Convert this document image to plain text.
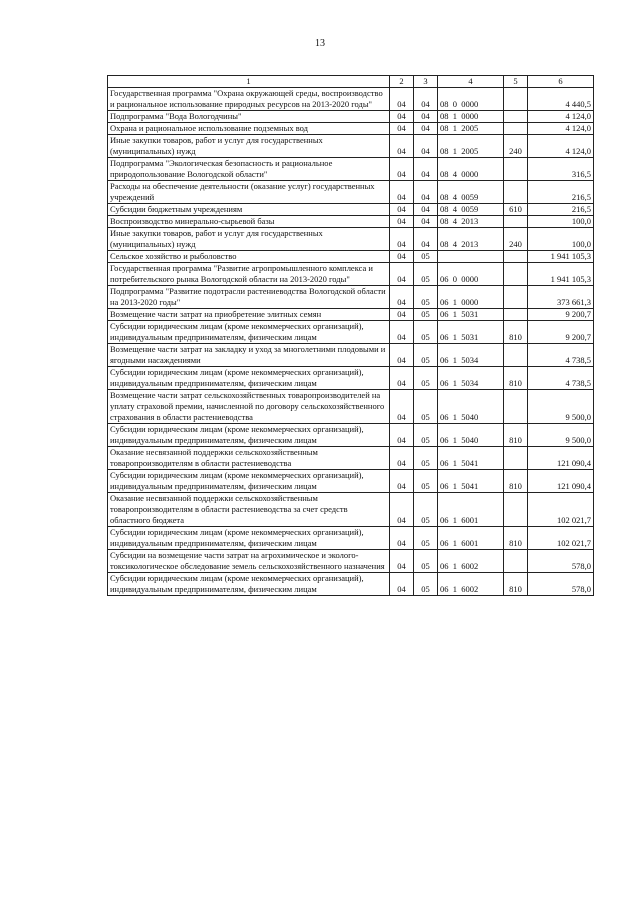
13
1	2	3	4	5	6
Государственная программа "Охрана окружающей среды, воспроизводство и рациональное использование природных ресурсов на 2013-2020 годы"	04	04	08  0  0000		4 440,5
Подпрограмма "Вода Вологодчины"	04	04	08  1  0000		4 124,0
Охрана и рациональное использование подземных вод	04	04	08  1  2005		4 124,0
Иные закупки товаров, работ и услуг для государственных (муниципальных) нужд	04	04	08  1  2005	240	4 124,0
Подпрограмма "Экологическая безопасность и рациональное природопользование Вологодской области"	04	04	08  4  0000		316,5
Расходы на обеспечение деятельности (оказание услуг) государственных учреждений	04	04	08  4  0059		216,5
Субсидии бюджетным учреждениям	04	04	08  4  0059	610	216,5
Воспроизводство минерально-сырьевой базы	04	04	08  4  2013		100,0
Иные закупки товаров, работ и услуг для государственных (муниципальных) нужд	04	04	08  4  2013	240	100,0
Сельское хозяйство и рыболовство	04	05			1 941 105,3
Государственная программа "Развитие агропромышленного комплекса и потребительского рынка Вологодской области на 2013-2020 годы"	04	05	06  0  0000		1 941 105,3
Подпрограмма "Развитие подотрасли растениеводства Вологодской области на 2013-2020 годы"	04	05	06  1  0000		373 661,3
Возмещение части затрат на приобретение элитных семян	04	05	06  1  5031		9 200,7
Субсидии юридическим лицам (кроме некоммерческих организаций), индивидуальным предпринимателям, физическим лицам	04	05	06  1  5031	810	9 200,7
Возмещение части затрат на закладку и уход за многолетними плодовыми и ягодными насаждениями	04	05	06  1  5034		4 738,5
Субсидии юридическим лицам (кроме некоммерческих организаций), индивидуальным предпринимателям, физическим лицам	04	05	06  1  5034	810	4 738,5
Возмещение части затрат сельскохозяйственных товаропроизводителей на уплату страховой премии, начисленной по договору сельскохозяйственного страхования в области растениеводства	04	05	06  1  5040		9 500,0
Субсидии юридическим лицам (кроме некоммерческих организаций), индивидуальным предпринимателям, физическим лицам	04	05	06  1  5040	810	9 500,0
Оказание несвязанной поддержки сельскохозяйственным товаропроизводителям в области растениеводства	04	05	06  1  5041		121 090,4
Субсидии юридическим лицам (кроме некоммерческих организаций), индивидуальным предпринимателям, физическим лицам	04	05	06  1  5041	810	121 090,4
Оказание несвязанной поддержки сельскохозяйственным товаропроизводителям в области растениеводства за счет средств областного бюджета	04	05	06  1  6001		102 021,7
Субсидии юридическим лицам (кроме некоммерческих организаций), индивидуальным предпринимателям, физическим лицам	04	05	06  1  6001	810	102 021,7
Субсидии на возмещение части затрат на агрохимическое и эколого-токсикологическое обследование земель сельскохозяйственного назначения	04	05	06  1  6002		578,0
Субсидии юридическим лицам (кроме некоммерческих организаций), индивидуальным предпринимателям, физическим лицам	04	05	06  1  6002	810	578,0
